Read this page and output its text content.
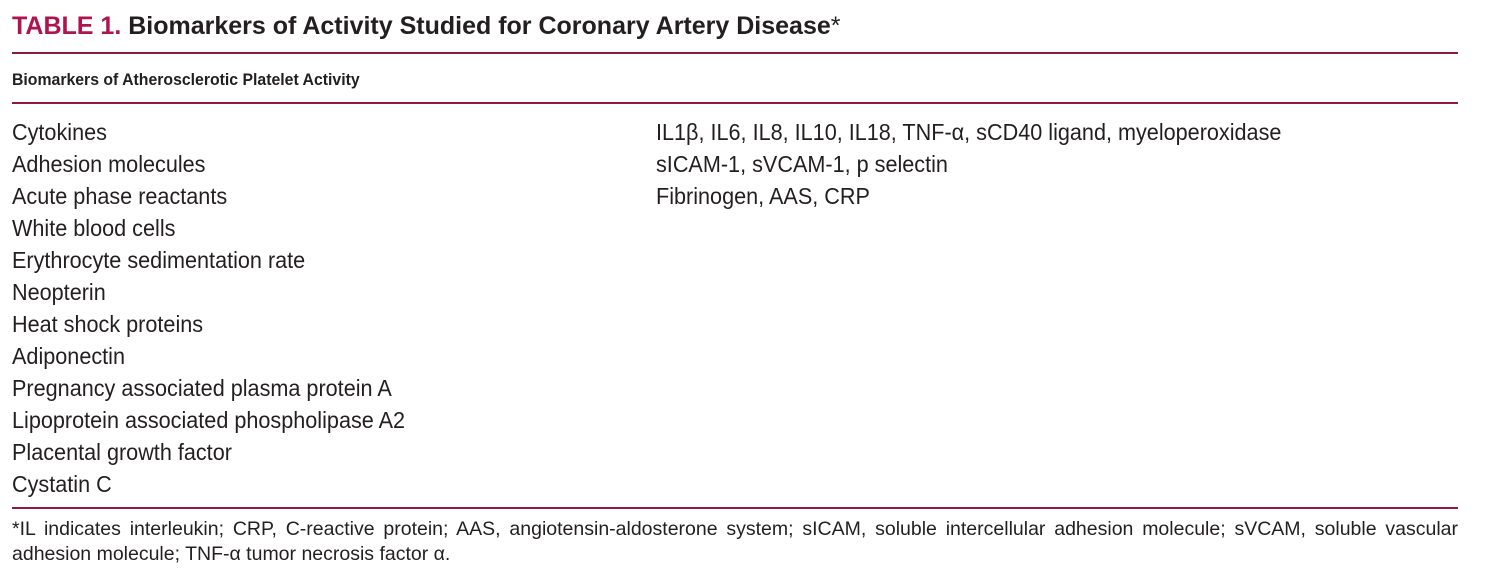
TABLE 1. Biomarkers of Activity Studied for Coronary Artery Disease*
Biomarkers of Atherosclerotic Platelet Activity
Cytokines
Adhesion molecules
Acute phase reactants
White blood cells
Erythrocyte sedimentation rate
Neopterin
Heat shock proteins
Adiponectin
Pregnancy associated plasma protein A
Lipoprotein associated phospholipase A2
Placental growth factor
Cystatin C
IL1β, IL6, IL8, IL10, IL18, TNF-α, sCD40 ligand, myeloperoxidase
sICAM-1, sVCAM-1, p selectin
Fibrinogen, AAS, CRP
*IL indicates interleukin; CRP, C-reactive protein; AAS, angiotensin-aldosterone system; sICAM, soluble intercellular adhesion molecule; sVCAM, soluble vascular adhesion molecule; TNF-α tumor necrosis factor α.
